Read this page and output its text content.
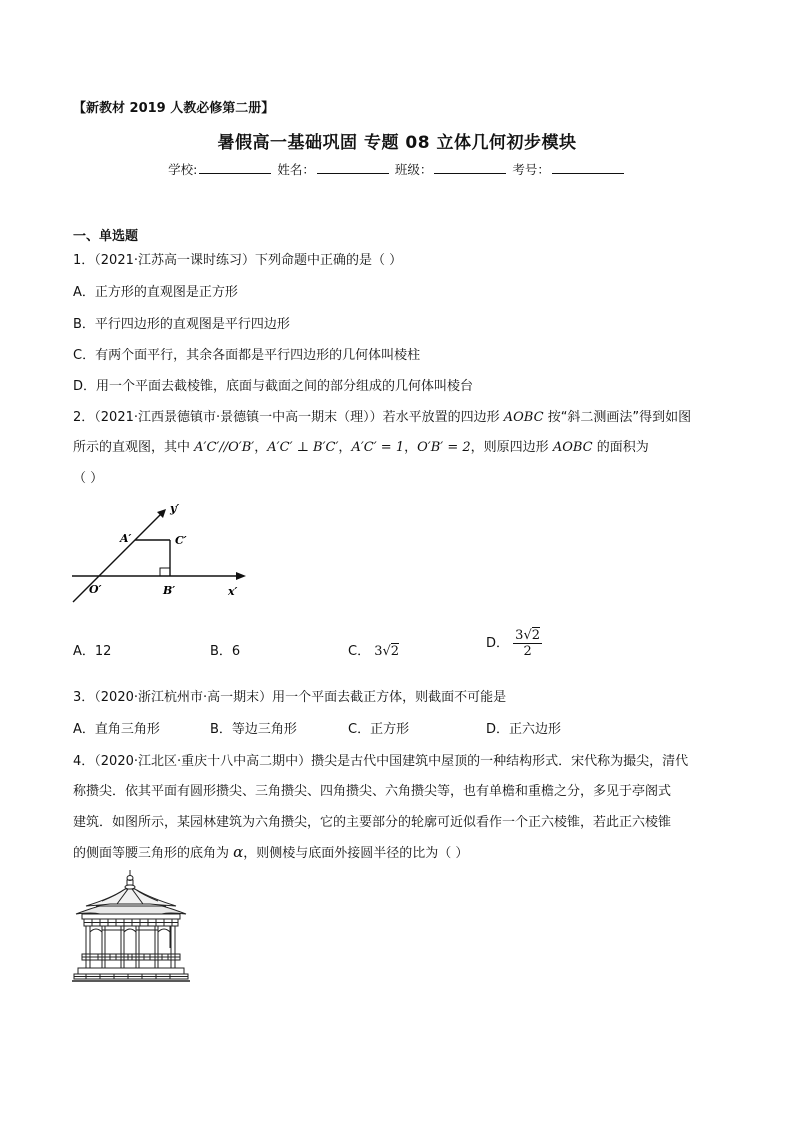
【新教材 2019 人教必修第二册】
暑假高一基础巩固 专题 08 立体几何初步模块
学校:	姓名：	班级：	考号：
一、单选题
1．（2021·江苏高一课时练习）下列命题中正确的是（ ）
A．正方形的直观图是正方形
B．平行四边形的直观图是平行四边形
C．有两个面平行，其余各面都是平行四边形的几何体叫棱柱
D．用一个平面去截棱锥，底面与截面之间的部分组成的几何体叫棱台
2．（2021·江西景德镇市·景德镇一中高一期末（理））若水平放置的四边形 AOBC 按“斜二测画法”得到如图
所示的直观图，其中 A′C′//O′B′，A′C′ ⊥ B′C′，A′C′ = 1，O′B′ = 2，则原四边形 AOBC 的面积为
（ ）
A′	C′
O′	B′	x′
y′
A．12	B．6	C． 3√2
D． $\frac{3√2}{2}$
3．（2020·浙江杭州市·高一期末）用一个平面去截正方体，则截面不可能是
A．直角三角形	B．等边三角形	C．正方形	D．正六边形
4．（2020·江北区·重庆十八中高二期中）攒尖是古代中国建筑中屋顶的一种结构形式．宋代称为撮尖，清代
称攒尖．依其平面有圆形攒尖、三角攒尖、四角攒尖、六角攒尖等，也有单檐和重檐之分，多见于亭阁式
建筑．如图所示，某园林建筑为六角攒尖，它的主要部分的轮廓可近似看作一个正六棱锥，若此正六棱锥
的侧面等腰三角形的底角为 α，则侧棱与底面外接圆半径的比为（ ）
